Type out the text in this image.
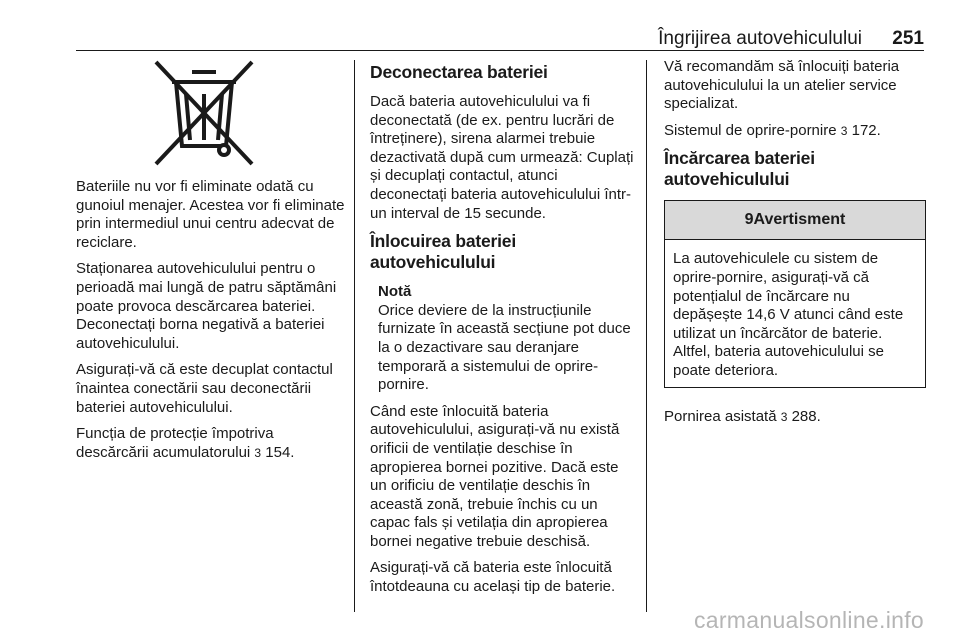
Îngrijirea autovehiculului 251

Bateriile nu vor fi eliminate odată cu gunoiul menajer. Acestea vor fi eliminate prin intermediul unui centru adecvat de reciclare.

Staționarea autovehiculului pentru o perioadă mai lungă de patru săptămâni poate provoca descărcarea bateriei. Deconectați borna negativă a bateriei autovehiculului.

Asigurați-vă că este decuplat contactul înaintea conectării sau deconectării bateriei autovehiculului.

Funcția de protecție împotriva descărcării acumulatorului 3 154.

Deconectarea bateriei

Dacă bateria autovehiculului va fi deconectată (de ex. pentru lucrări de întreținere), sirena alarmei trebuie dezactivată după cum urmează: Cuplați și decuplați contactul, atunci deconectați bateria autovehiculului într-un interval de 15 secunde.

Înlocuirea bateriei autovehiculului
Notă
Orice deviere de la instrucțiunile furnizate în această secțiune pot duce la o dezactivare sau deranjare temporară a sistemului de oprire-pornire.

Când este înlocuită bateria autovehiculului, asigurați-vă nu există orificii de ventilație deschise în apropierea bornei pozitive. Dacă este un orificiu de ventilație deschis în această zonă, trebuie închis cu un capac fals și vetilația din apropierea bornei negative trebuie deschisă.

Asigurați-vă că bateria este înlocuită întotdeauna cu același tip de baterie.

Vă recomandăm să înlocuiți bateria autovehiculului la un atelier service specializat.

Sistemul de oprire-pornire 3 172.

Încărcarea bateriei autovehiculului
9Avertisment
La autovehiculele cu sistem de oprire-pornire, asigurați-vă că potențialul de încărcare nu depășește 14,6 V atunci când este utilizat un încărcător de baterie. Altfel, bateria autovehiculului se poate deteriora.

Pornirea asistată 3 288.

carmanualsonline.info
